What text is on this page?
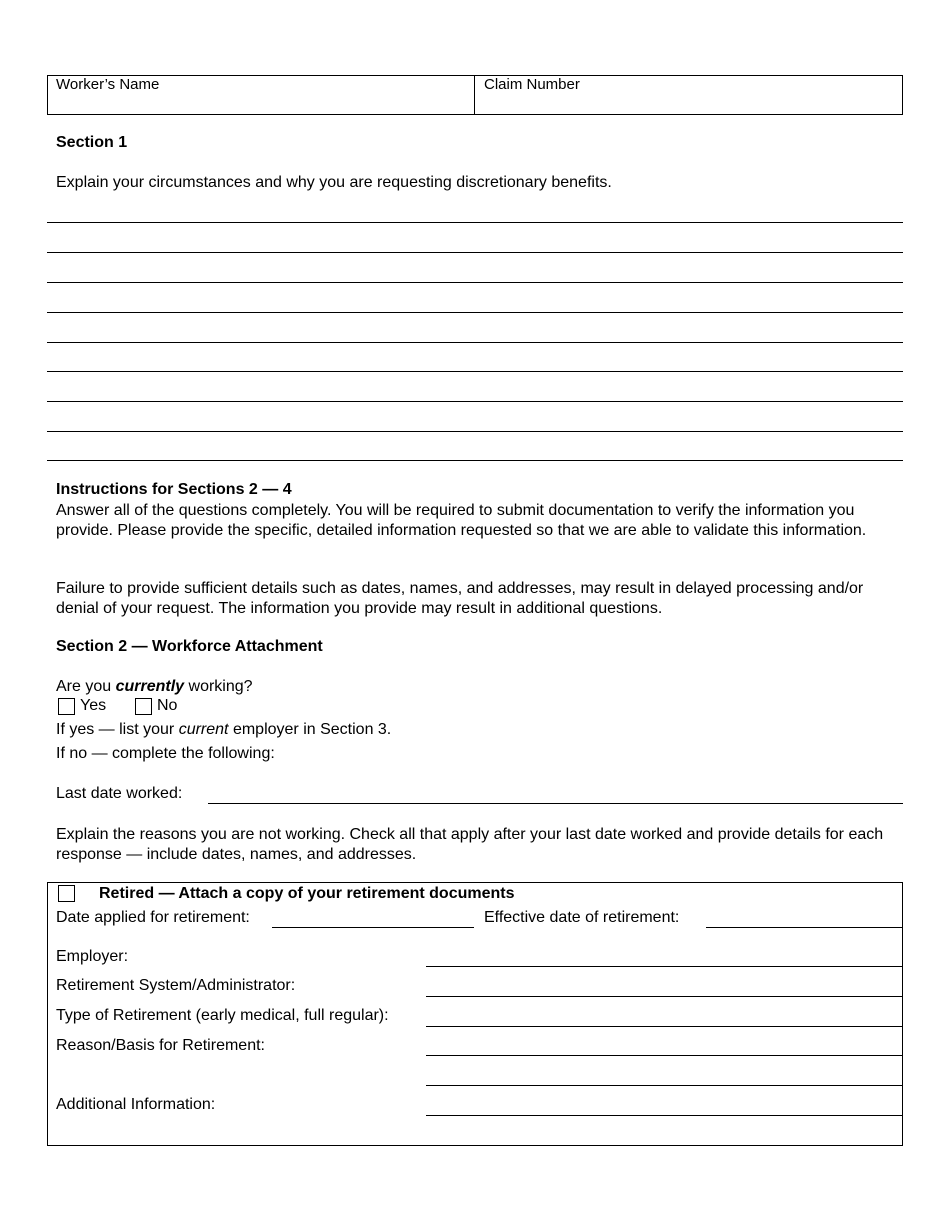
Worker’s Name	Claim Number
Section 1
Explain your circumstances and why you are requesting discretionary benefits.
Instructions for Sections 2 — 4
Answer all of the questions completely. You will be required to submit documentation to verify the information you provide. Please provide the specific, detailed information requested so that we are able to validate this information.
Failure to provide sufficient details such as dates, names, and addresses, may result in delayed processing and/or denial of your request. The information you provide may result in additional questions.
Section 2 — Workforce Attachment
Are you currently working?
Yes	No
If yes — list your current employer in Section 3.
If no — complete the following:
Last date worked:
Explain the reasons you are not working. Check all that apply after your last date worked and provide details for each response — include dates, names, and addresses.
Retired — Attach a copy of your retirement documents
Date applied for retirement:	Effective date of retirement:
Employer:
Retirement System/Administrator:
Type of Retirement (early medical, full regular):
Reason/Basis for Retirement:
Additional Information:
